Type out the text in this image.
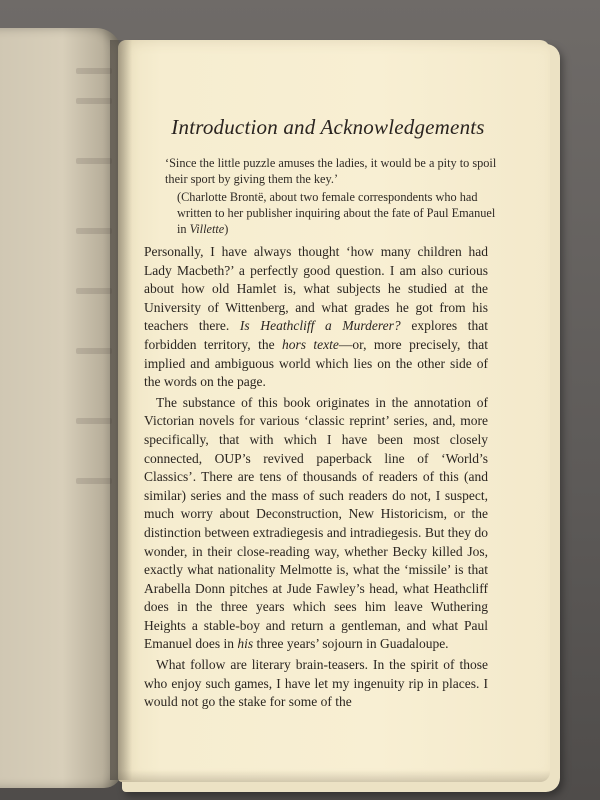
Introduction and Acknowledgements
‘Since the little puzzle amuses the ladies, it would be a pity to spoil their sport by giving them the key.’
(Charlotte Brontë, about two female correspondents who had written to her publisher inquiring about the fate of Paul Emanuel in Villette)

Personally, I have always thought ‘how many children had Lady Macbeth?’ a perfectly good question. I am also curious about how old Hamlet is, what subjects he studied at the University of Wittenberg, and what grades he got from his teachers there. Is Heathcliff a Murderer? explores that forbidden territory, the hors texte—or, more precisely, that implied and ambiguous world which lies on the other side of the words on the page.

The substance of this book originates in the annotation of Victorian novels for various ‘classic reprint’ series, and, more specifically, that with which I have been most closely connected, OUP’s revived paperback line of ‘World’s Classics’. There are tens of thousands of readers of this (and similar) series and the mass of such readers do not, I suspect, much worry about Deconstruction, New Historicism, or the distinction between extradiegesis and intradiegesis. But they do wonder, in their close-reading way, whether Becky killed Jos, exactly what nationality Melmotte is, what the ‘missile’ is that Arabella Donn pitches at Jude Fawley’s head, what Heathcliff does in the three years which sees him leave Wuthering Heights a stable-boy and return a gentleman, and what Paul Emanuel does in his three years’ sojourn in Guadaloupe.

What follow are literary brain-teasers. In the spirit of those who enjoy such games, I have let my ingenuity rip in places. I would not go the stake for some of the
